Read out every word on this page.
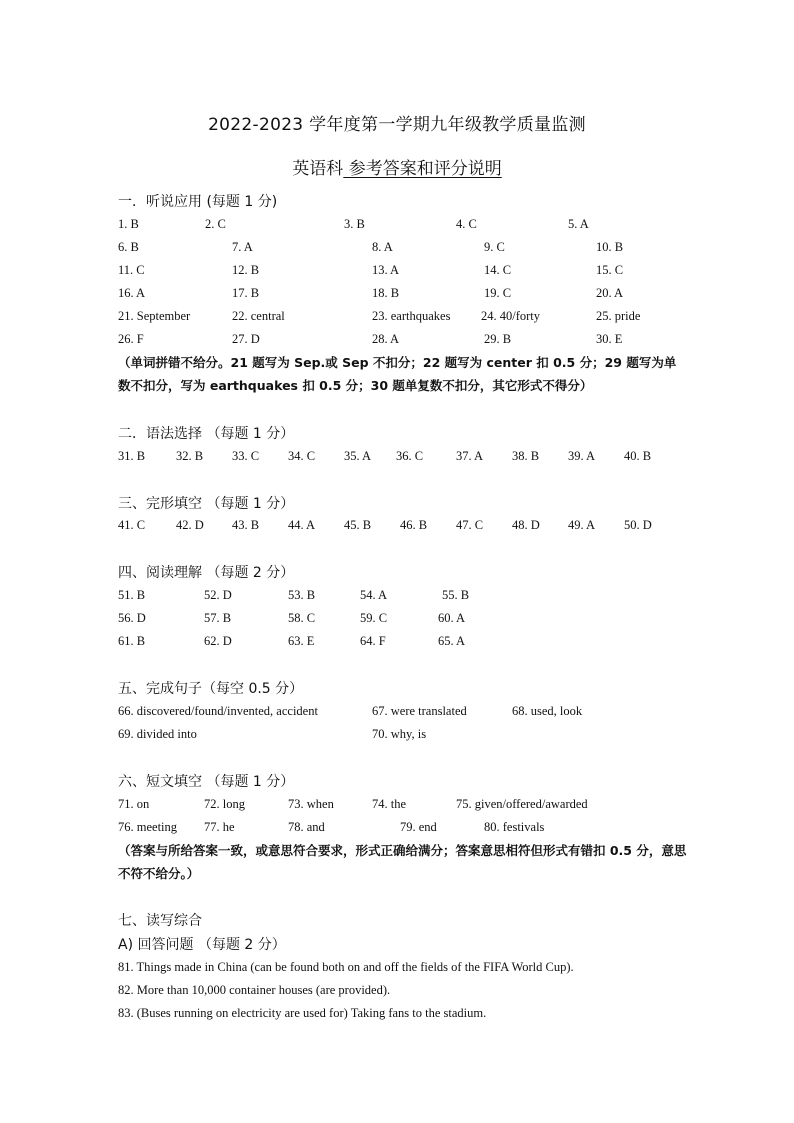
2022-2023 学年度第一学期九年级教学质量监测
英语科 参考答案和评分说明
一．听说应用 (每题 1 分)
1. B	2. C	3. B	4. C	5. A
6. B	7. A	8. A	9. C	10. B
11. C	12. B	13. A	14. C	15. C
16. A	17. B	18. B	19. C	20. A
21. September	22. central	23. earthquakes 24. 40/forty	25. pride
26. F	27. D	28. A	29. B	30. E
（单词拼错不给分。21 题写为 Sep.或 Sep 不扣分；22 题写为 center 扣 0.5 分；29 题写为单数不扣分，写为 earthquakes 扣 0.5 分；30 题单复数不扣分，其它形式不得分）
二．语法选择 （每题 1 分）
31. B 32. B 33. C 34. C 35. A 36. C	37. A 38. B 39. A 40. B
三、完形填空 （每题 1 分）
41. C 42. D 43. B 44. A 45. B 46. B 47. C 48. D 49. A 50. D
四、阅读理解 （每题 2 分）
51. B	52. D	53. B	54. A	55. B
56. D	57. B	58. C	59. C	60. A
61. B	62. D	63. E	64. F	65. A
五、完成句子（每空 0.5 分）
66. discovered/found/invented, accident	67. were translated	68. used, look
69. divided into	70. why, is
六、短文填空 （每题 1 分）
71. on	72. long	73. when	74. the	75. given/offered/awarded
76. meeting 77. he	78. and	79. end	80. festivals
（答案与所给答案一致，或意思符合要求，形式正确给满分；答案意思相符但形式有错扣 0.5 分，意思不符不给分。）
七、读写综合
A) 回答问题 （每题 2 分）
81. Things made in China (can be found both on and off the fields of the FIFA World Cup).
82. More than 10,000 container houses (are provided).
83. (Buses running on electricity are used for) Taking fans to the stadium.
